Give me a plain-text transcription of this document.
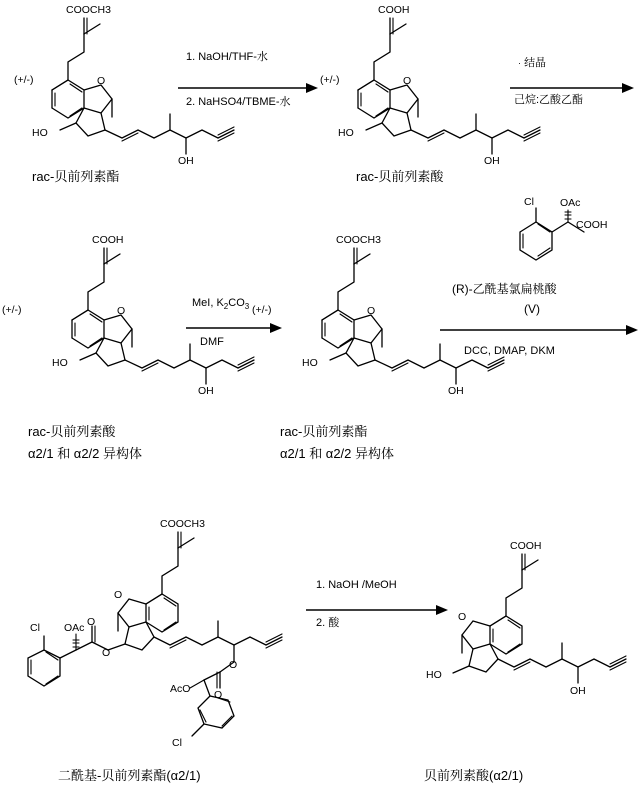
COOCH3
(+/-)
HO
OH
O
1. NaOH/THF-水
2. NaHSO4/TBME-水
COOH
(+/-)
HO
OH
O
· 结晶
己烷:乙酸乙酯
rac-贝前列素酯	rac-贝前列素酸
COOH
(+/-)
HO
OH
O
MeI, $K_2CO_3$
DMF
COOCH3
(+/-)
HO
OH
O
Cl OAc
COOH
(R)-乙酰基氯扁桃酸
(V)
DCC, DMAP, DKM
rac-贝前列素酸
α2/1 和 α2/2 异构体
rac-贝前列素酯
α2/1 和 α2/2 异构体
COOCH3
Cl OAc
O
O
O
O
AcO
Cl
O
1. NaOH /MeOH
2. 酸
COOH
HO
OH
O
二酰基-贝前列素酯(α2/1)	贝前列素酸(α2/1)
